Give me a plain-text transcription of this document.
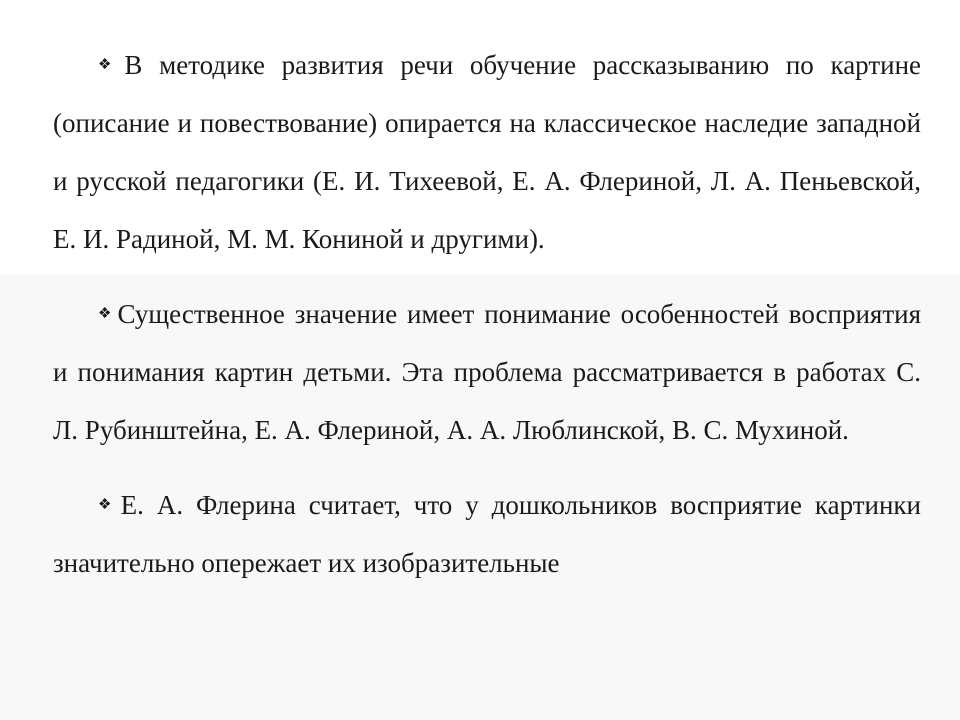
❖ В методике развития речи обучение рассказыванию по картине (описание и повествование) опирается на классическое наследие западной и русской педагогики (Е. И. Тихеевой, Е. А. Флериной, Л. А. Пеньевской, Е. И. Радиной, М. М. Кониной и другими).

❖ Существенное значение имеет понимание особенностей восприятия и понимания картин детьми. Эта проблема рассматривается в работах С. Л. Рубинштейна, Е. А. Флериной, А. А. Люблинской, В. С. Мухиной.

❖ Е. А. Флерина считает, что у дошкольников восприятие картинки значительно опережает их изобразительные
